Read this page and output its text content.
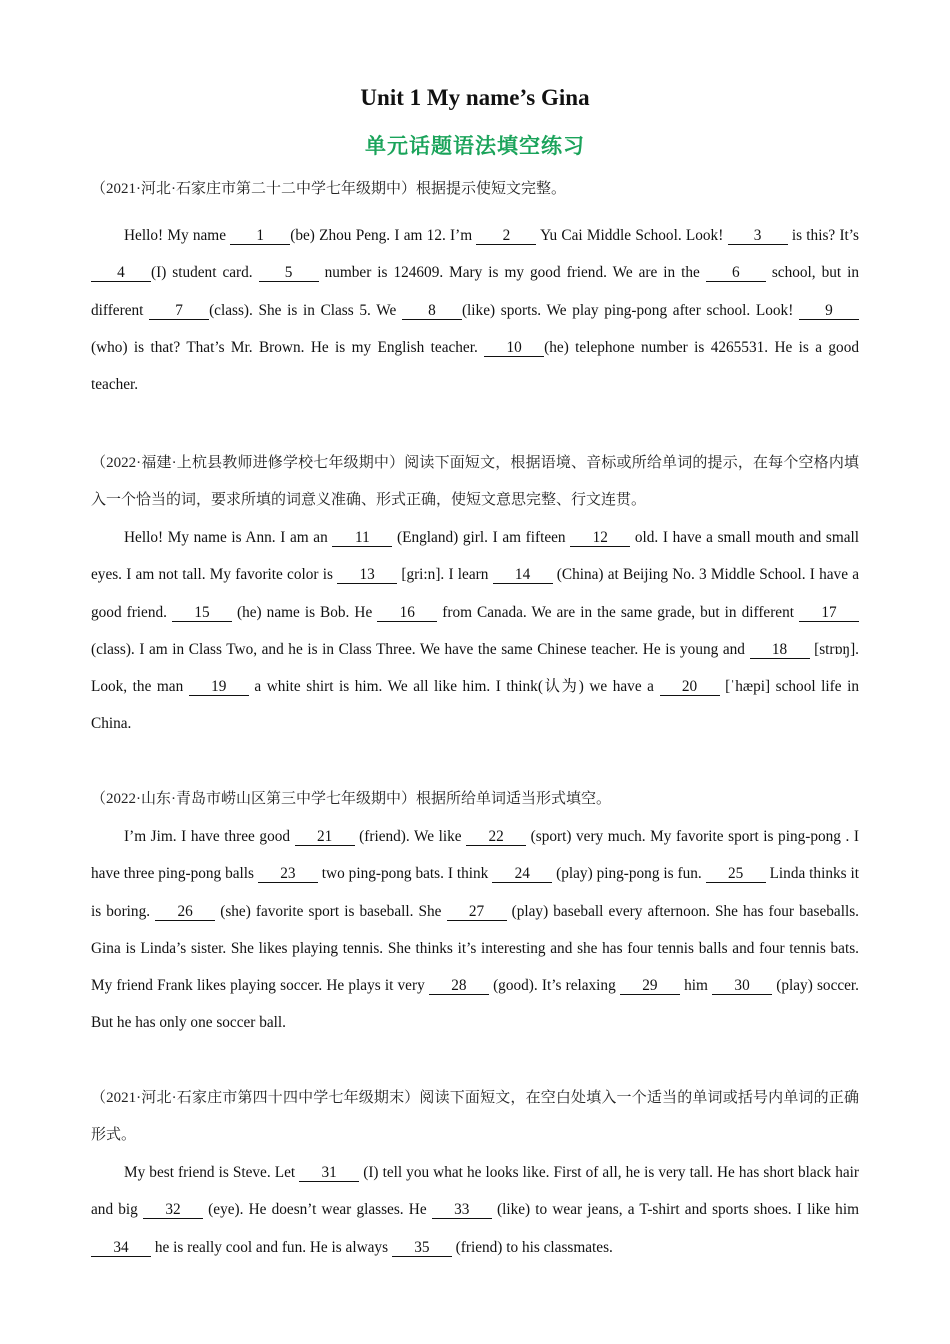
Unit 1 My name’s Gina
单元话题语法填空练习

（2021·河北·石家庄市第二十二中学七年级期中）根据提示使短文完整。

Hello! My name 1 (be) Zhou Peng. I am 12. I’m 2 Yu Cai Middle School. Look! 3 is this? It’s 4 (I) student card. 5 number is 124609. Mary is my good friend. We are in the 6 school, but in different 7 (class). She is in Class 5. We 8 (like) sports. We play ping-pong after school. Look! 9(who) is that? That’s Mr. Brown. He is my English teacher. 10 (he) telephone number is 4265531. He is a good teacher.

（2022·福建·上杭县教师进修学校七年级期中）阅读下面短文，根据语境、音标或所给单词的提示，在每个空格内填入一个恰当的词，要求所填的词意义准确、形式正确，使短文意思完整、行文连贯。

Hello! My name is Ann. I am an 11 (England) girl. I am fifteen 12 old. I have a small mouth and small eyes. I am not tall. My favorite color is 13 [gri:n]. I learn 14 (China) at Beijing No. 3 Middle School. I have a good friend. 15 (he) name is Bob. He 16 from Canada. We are in the same grade, but in different 17 (class). I am in Class Two, and he is in Class Three. We have the same Chinese teacher. He is young and 18 [strɒŋ]. Look, the man 19 a white shirt is him. We all like him. I think(认为) we have a 20 [ˈhæpi] school life in China.

（2022·山东·青岛市崂山区第三中学七年级期中）根据所给单词适当形式填空。

I’m Jim. I have three good 21 (friend). We like 22 (sport) very much. My favorite sport is ping-pong . I have three ping-pong balls 23 two ping-pong bats. I think 24 (play) ping-pong is fun. 25 Linda thinks it is boring. 26 (she) favorite sport is baseball. She 27 (play) baseball every afternoon. She has four baseballs. Gina is Linda’s sister. She likes playing tennis. She thinks it’s interesting and she has four tennis balls and four tennis bats. My friend Frank likes playing soccer. He plays it very 28 (good). It’s relaxing 29 him 30 (play) soccer. But he has only one soccer ball.

（2021·河北·石家庄市第四十四中学七年级期末）阅读下面短文，在空白处填入一个适当的单词或括号内单词的正确形式。

My best friend is Steve. Let 31 (I) tell you what he looks like. First of all, he is very tall. He has short black hair and big 32 (eye). He doesn’t wear glasses. He 33 (like) to wear jeans, a T-shirt and sports shoes. I like him 34 he is really cool and fun. He is always 35 (friend) to his classmates.
